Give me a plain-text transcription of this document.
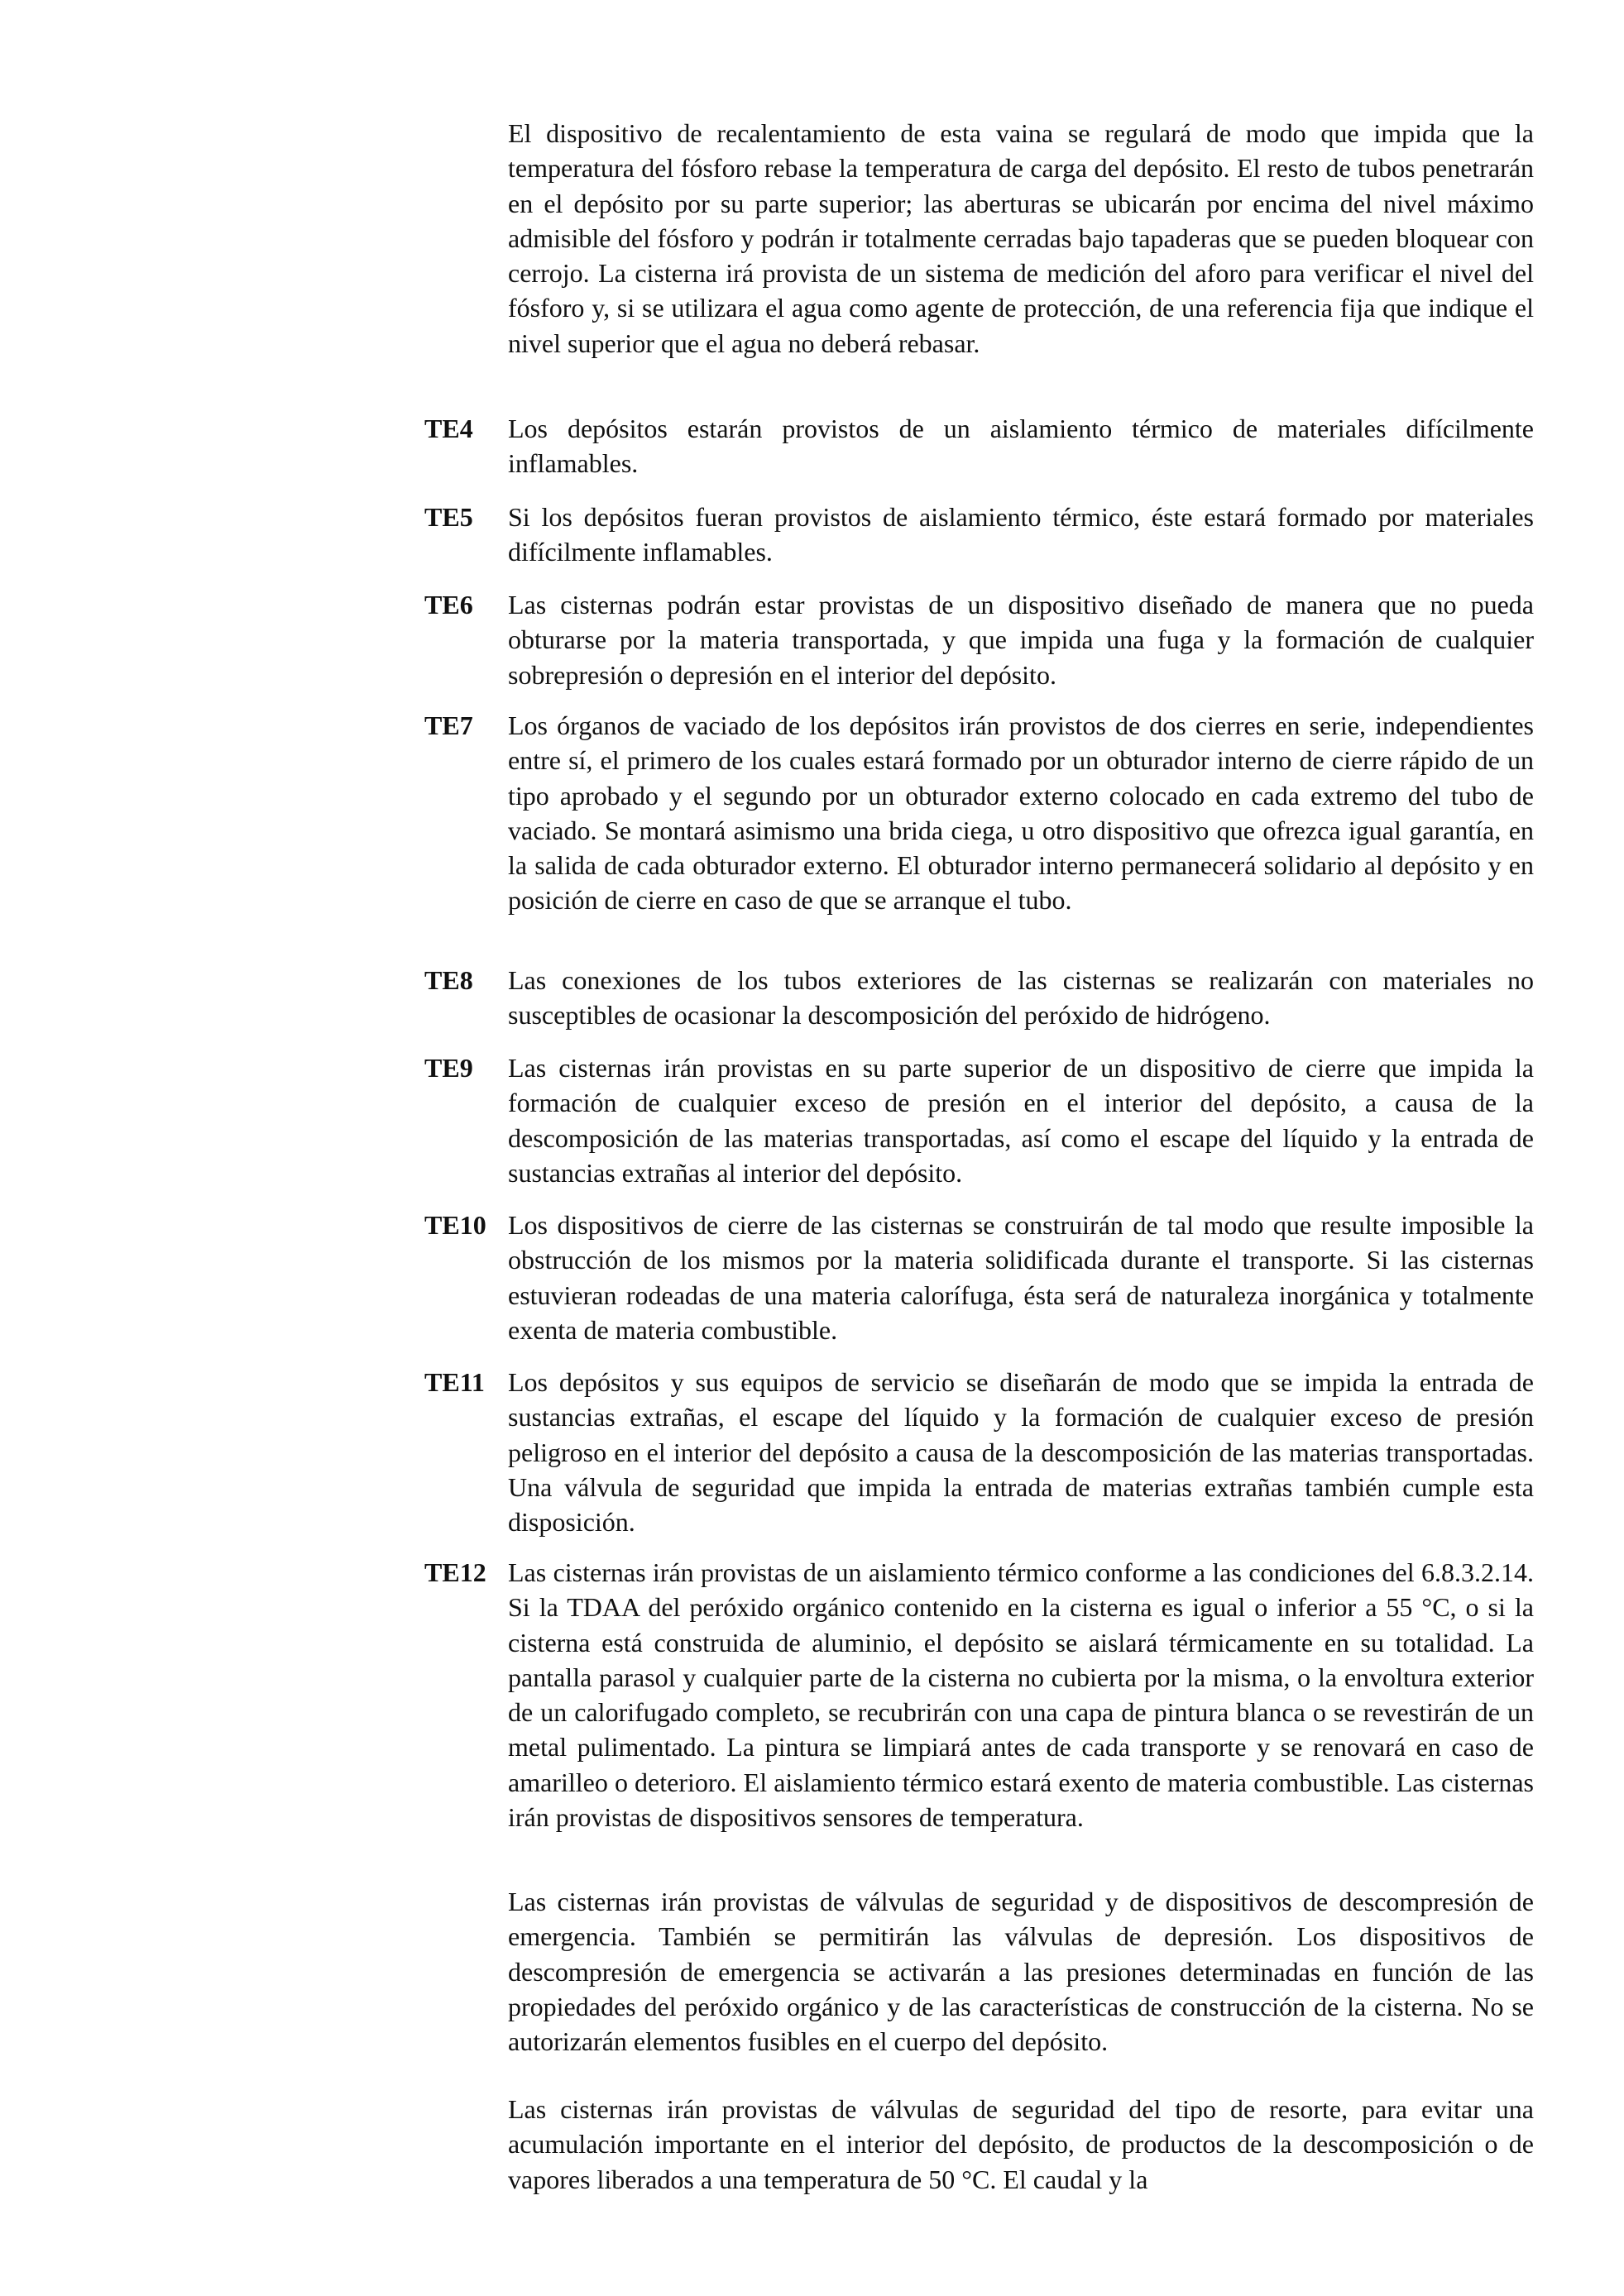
El dispositivo de recalentamiento de esta vaina se regulará de modo que impida que la temperatura del fósforo rebase la temperatura de carga del depósito. El resto de tubos penetrarán en el depósito por su parte superior; las aberturas se ubicarán por encima del nivel máximo admisible del fósforo y podrán ir totalmente cerradas bajo tapaderas que se pueden bloquear con cerrojo. La cisterna irá provista de un sistema de medición del aforo para verificar el nivel del fósforo y, si se utilizara el agua como agente de protección, de una referencia fija que indique el nivel superior que el agua no deberá rebasar.
TE4	Los depósitos estarán provistos de un aislamiento térmico de materiales difícilmente inflamables.
TE5	Si los depósitos fueran provistos de aislamiento térmico, éste estará formado por materiales difícilmente inflamables.
TE6	Las cisternas podrán estar provistas de un dispositivo diseñado de manera que no pueda obturarse por la materia transportada, y que impida una fuga y la formación de cualquier sobrepresión o depresión en el interior del depósito.
TE7	Los órganos de vaciado de los depósitos irán provistos de dos cierres en serie, independientes entre sí, el primero de los cuales estará formado por un obturador interno de cierre rápido de un tipo aprobado y el segundo por un obturador externo colocado en cada extremo del tubo de vaciado. Se montará asimismo una brida ciega, u otro dispositivo que ofrezca igual garantía, en la salida de cada obturador externo. El obturador interno permanecerá solidario al depósito y en posición de cierre en caso de que se arranque el tubo.
TE8	Las conexiones de los tubos exteriores de las cisternas se realizarán con materiales no susceptibles de ocasionar la descomposición del peróxido de hidrógeno.
TE9	Las cisternas irán provistas en su parte superior de un dispositivo de cierre que impida la formación de cualquier exceso de presión en el interior del depósito, a causa de la descomposición de las materias transportadas, así como el escape del líquido y la entrada de sustancias extrañas al interior del depósito.
TE10 Los dispositivos de cierre de las cisternas se construirán de tal modo que resulte imposible la obstrucción de los mismos por la materia solidificada durante el transporte. Si las cisternas estuvieran rodeadas de una materia calorífuga, ésta será de naturaleza inorgánica y totalmente exenta de materia combustible.
TE11 Los depósitos y sus equipos de servicio se diseñarán de modo que se impida la entrada de sustancias extrañas, el escape del líquido y la formación de cualquier exceso de presión peligroso en el interior del depósito a causa de la descomposición de las materias transportadas. Una válvula de seguridad que impida la entrada de materias extrañas también cumple esta disposición.
TE12 Las cisternas irán provistas de un aislamiento térmico conforme a las condiciones del 6.8.3.2.14. Si la TDAA del peróxido orgánico contenido en la cisterna es igual o inferior a 55 °C, o si la cisterna está construida de aluminio, el depósito se aislará térmicamente en su totalidad. La pantalla parasol y cualquier parte de la cisterna no cubierta por la misma, o la envoltura exterior de un calorifugado completo, se recubrirán con una capa de pintura blanca o se revestirán de un metal pulimentado. La pintura se limpiará antes de cada transporte y se renovará en caso de amarilleo o deterioro. El aislamiento térmico estará exento de materia combustible. Las cisternas irán provistas de dispositivos sensores de temperatura.
Las cisternas irán provistas de válvulas de seguridad y de dispositivos de descompresión de emergencia. También se permitirán las válvulas de depresión. Los dispositivos de descompresión de emergencia se activarán a las presiones determinadas en función de las propiedades del peróxido orgánico y de las características de construcción de la cisterna. No se autorizarán elementos fusibles en el cuerpo del depósito.
Las cisternas irán provistas de válvulas de seguridad del tipo de resorte, para evitar una acumulación importante en el interior del depósito, de productos de la descomposición o de vapores liberados a una temperatura de 50 °C. El caudal y la
